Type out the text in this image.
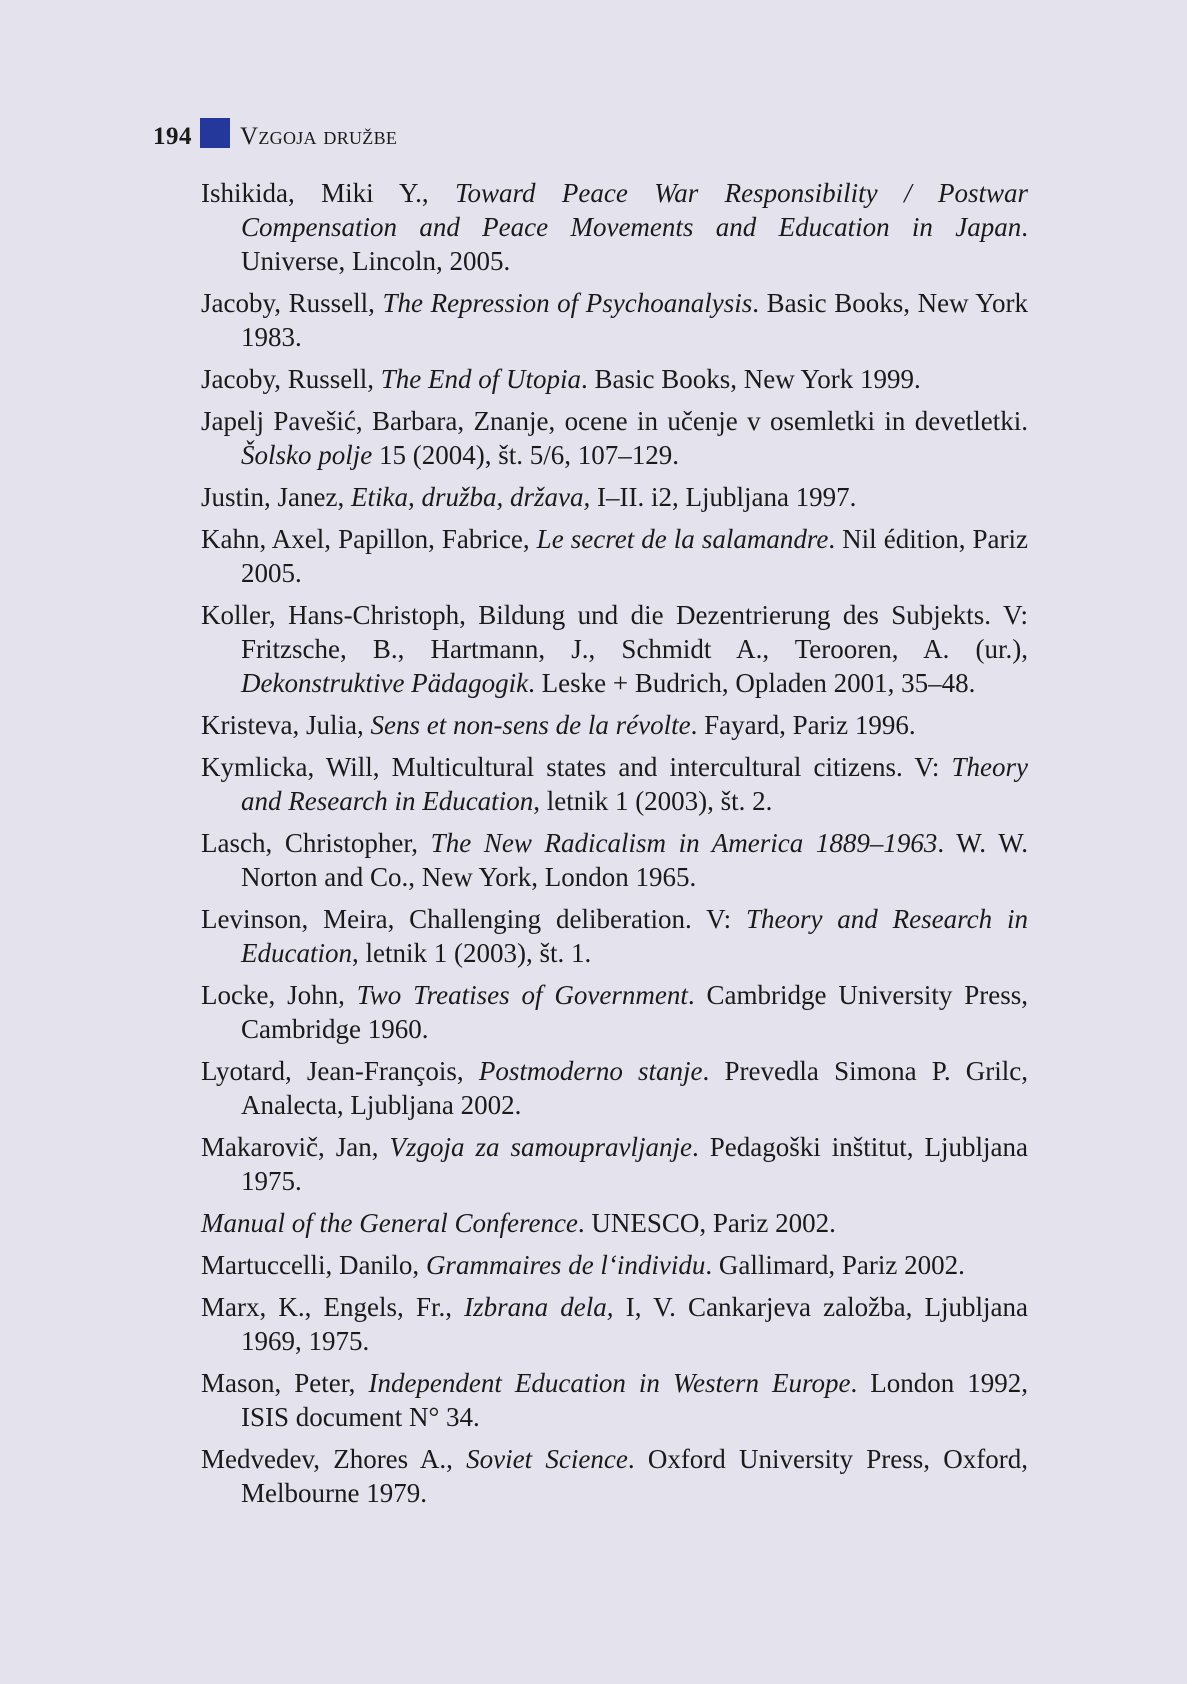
194 Vzgoja družbe

Ishikida, Miki Y., Toward Peace War Responsibility / Postwar Compensation and Peace Movements and Education in Japan. Universe, Lincoln, 2005.

Jacoby, Russell, The Repression of Psychoanalysis. Basic Books, New York 1983.

Jacoby, Russell, The End of Utopia. Basic Books, New York 1999.

Japelj Pavešić, Barbara, Znanje, ocene in učenje v osemletki in devetletki. Šolsko polje 15 (2004), št. 5/6, 107–129.

Justin, Janez, Etika, družba, država, I–II. i2, Ljubljana 1997.

Kahn, Axel, Papillon, Fabrice, Le secret de la salamandre. Nil édition, Pariz 2005.

Koller, Hans-Christoph, Bildung und die Dezentrierung des Subjekts. V: Fritzsche, B., Hartmann, J., Schmidt A., Terooren, A. (ur.), Dekonstruktive Pädagogik. Leske + Budrich, Opladen 2001, 35–48.

Kristeva, Julia, Sens et non-sens de la révolte. Fayard, Pariz 1996.

Kymlicka, Will, Multicultural states and intercultural citizens. V: Theory and Research in Education, letnik 1 (2003), št. 2.

Lasch, Christopher, The New Radicalism in America 1889–1963. W. W. Norton and Co., New York, London 1965.

Levinson, Meira, Challenging deliberation. V: Theory and Research in Education, letnik 1 (2003), št. 1.

Locke, John, Two Treatises of Government. Cambridge University Press, Cambridge 1960.

Lyotard, Jean-François, Postmoderno stanje. Prevedla Simona P. Grilc, Analecta, Ljubljana 2002.

Makarovič, Jan, Vzgoja za samoupravljanje. Pedagoški inštitut, Ljubljana 1975.

Manual of the General Conference. UNESCO, Pariz 2002.

Martuccelli, Danilo, Grammaires de l‘individu. Gallimard, Pariz 2002.

Marx, K., Engels, Fr., Izbrana dela, I, V. Cankarjeva založba, Ljubljana 1969, 1975.

Mason, Peter, Independent Education in Western Europe. London 1992, ISIS document N° 34.

Medvedev, Zhores A., Soviet Science. Oxford University Press, Oxford, Melbourne 1979.
